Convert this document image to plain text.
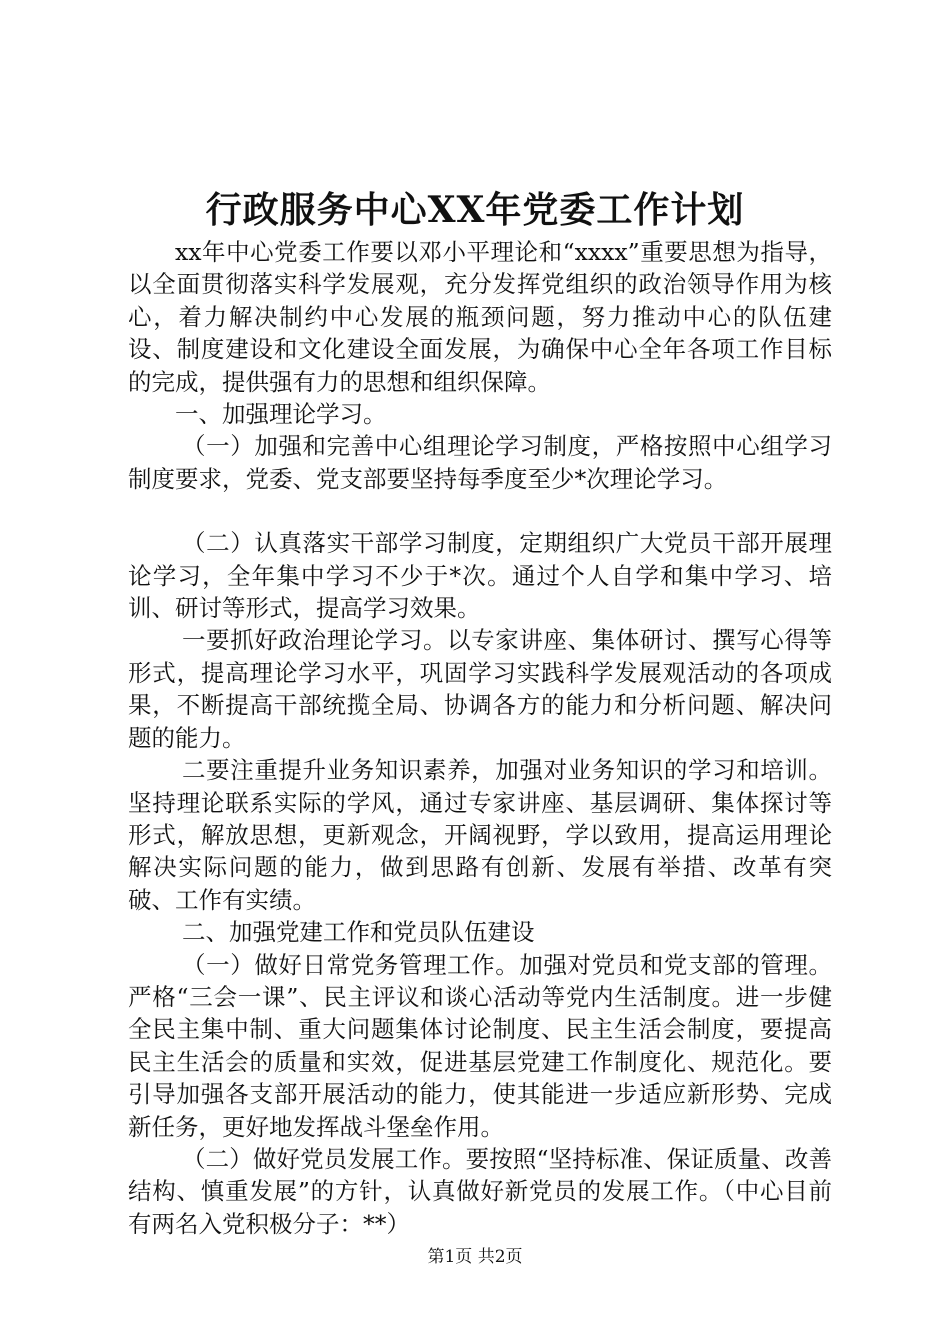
行政服务中心XX年党委工作计划

xx年中心党委工作要以邓小平理论和“xxxx”重要思想为指导，以全面贯彻落实科学发展观，充分发挥党组织的政治领导作用为核心，着力解决制约中心发展的瓶颈问题，努力推动中心的队伍建设、制度建设和文化建设全面发展，为确保中心全年各项工作目标的完成，提供强有力的思想和组织保障。

一、加强理论学习。

（一）加强和完善中心组理论学习制度，严格按照中心组学习制度要求，党委、党支部要坚持每季度至少*次理论学习。

（二）认真落实干部学习制度，定期组织广大党员干部开展理论学习，全年集中学习不少于*次。通过个人自学和集中学习、培训、研讨等形式，提高学习效果。

一要抓好政治理论学习。以专家讲座、集体研讨、撰写心得等形式，提高理论学习水平，巩固学习实践科学发展观活动的各项成果，不断提高干部统揽全局、协调各方的能力和分析问题、解决问题的能力。

二要注重提升业务知识素养，加强对业务知识的学习和培训。坚持理论联系实际的学风，通过专家讲座、基层调研、集体探讨等形式，解放思想，更新观念，开阔视野，学以致用，提高运用理论解决实际问题的能力，做到思路有创新、发展有举措、改革有突破、工作有实绩。

二、加强党建工作和党员队伍建设

（一）做好日常党务管理工作。加强对党员和党支部的管理。严格“三会一课”、民主评议和谈心活动等党内生活制度。进一步健全民主集中制、重大问题集体讨论制度、民主生活会制度，要提高民主生活会的质量和实效，促进基层党建工作制度化、规范化。要引导加强各支部开展活动的能力，使其能进一步适应新形势、完成新任务，更好地发挥战斗堡垒作用。

（二）做好党员发展工作。要按照“坚持标准、保证质量、改善结构、慎重发展”的方针，认真做好新党员的发展工作。（中心目前有两名入党积极分子：**）

第1页 共2页
